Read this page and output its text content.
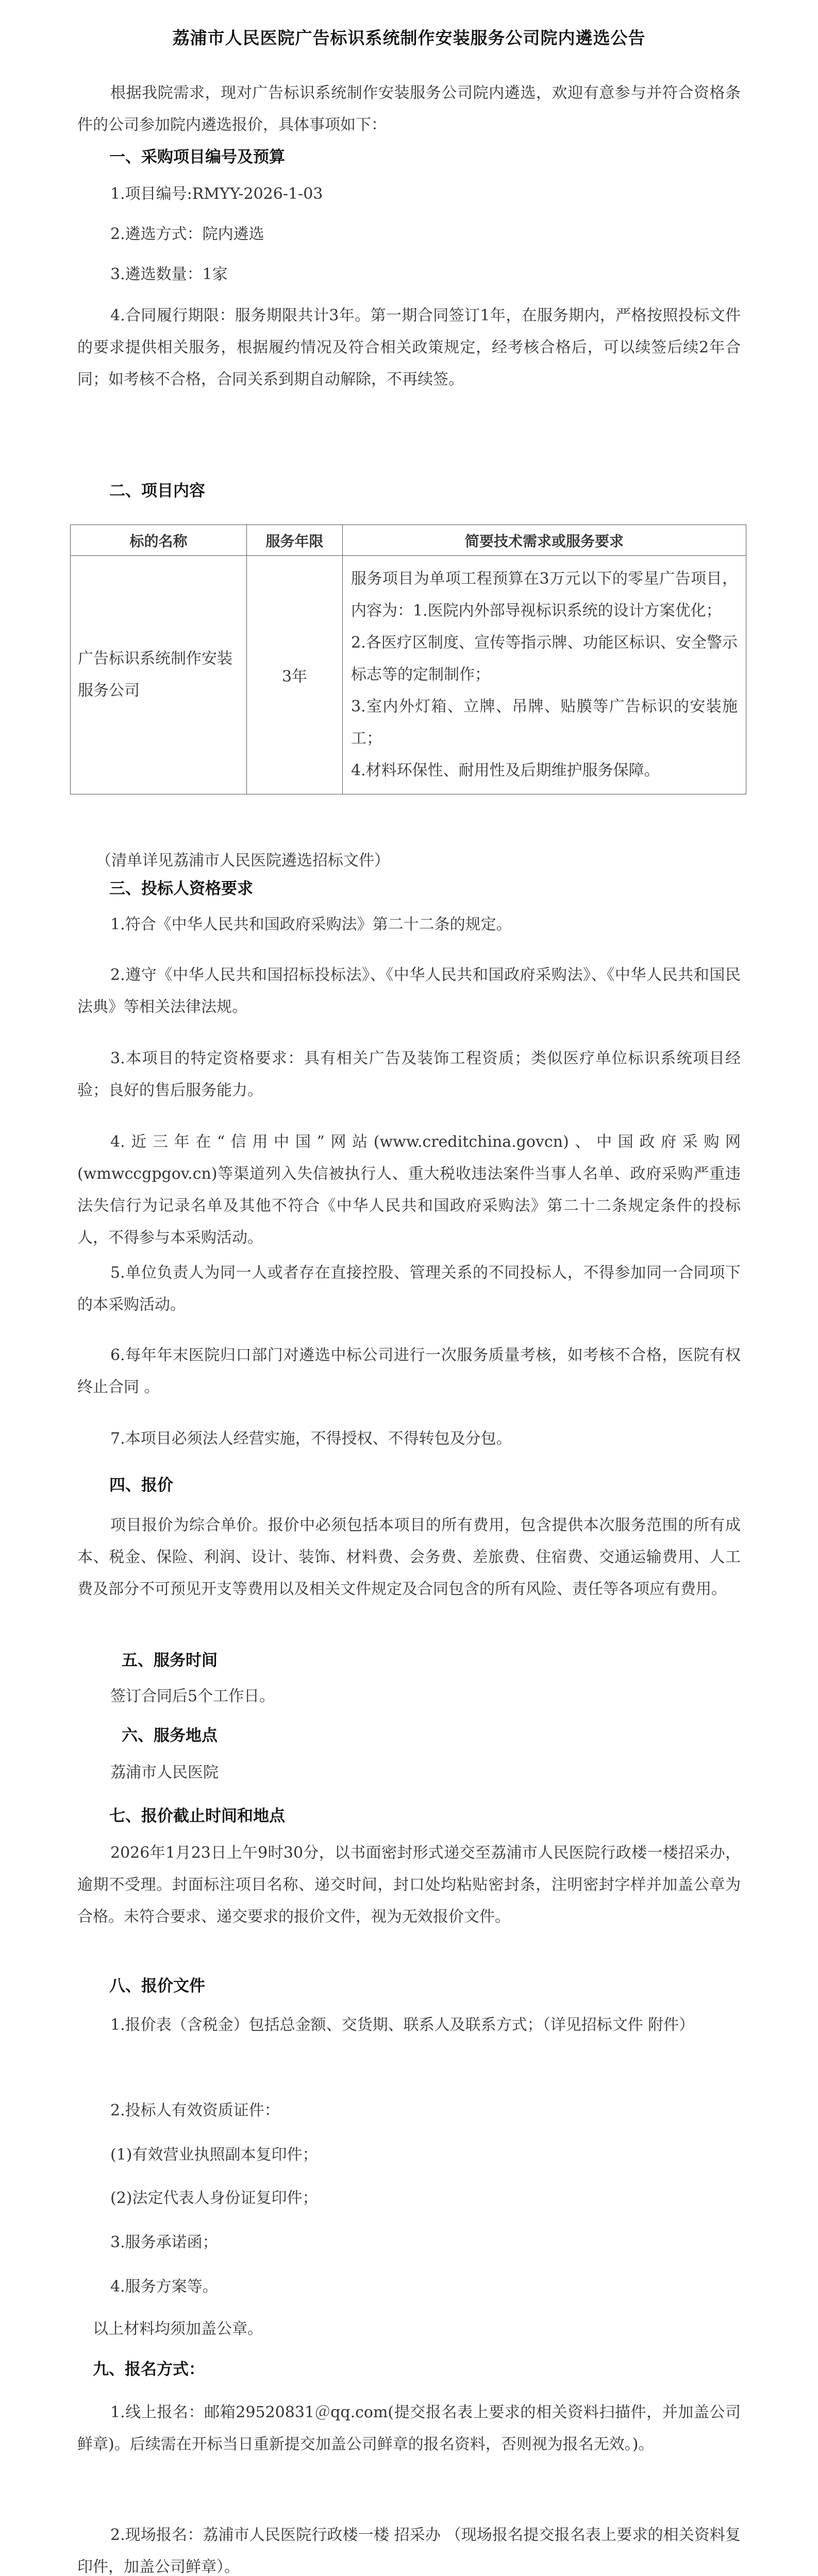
荔浦市人民医院广告标识系统制作安装服务公司院内遴选公告
根据我院需求，现对广告标识系统制作安装服务公司院内遴选，欢迎有意参与并符合资格条件的公司参加院内遴选报价，具体事项如下：
一、采购项目编号及预算
1.项目编号:RMYY-2026-1-03
2.遴选方式：院内遴选
3.遴选数量：1家
4.合同履行期限：服务期限共计3年。第一期合同签订1年，在服务期内，严格按照投标文件的要求提供相关服务，根据履约情况及符合相关政策规定，经考核合格后，可以续签后续2年合同；如考核不合格，合同关系到期自动解除，不再续签。
二、项目内容
标的名称	服务年限	简要技术需求或服务要求
广告标识系统制作安装服务公司	3年	服务项目为单项工程预算在3万元以下的零星广告项目，内容为：1.医院内外部导视标识系统的设计方案优化；
2.各医疗区制度、宣传等指示牌、功能区标识、安全警示标志等的定制制作；
3.室内外灯箱、立牌、吊牌、贴膜等广告标识的安装施工；
4.材料环保性、耐用性及后期维护服务保障。
（清单详见荔浦市人民医院遴选招标文件）
三、投标人资格要求
1.符合《中华人民共和国政府采购法》第二十二条的规定。
2.遵守《中华人民共和国招标投标法》、《中华人民共和国政府采购法》、《中华人民共和国民法典》等相关法律法规。
3.本项目的特定资格要求：具有相关广告及装饰工程资质；类似医疗单位标识系统项目经验；良好的售后服务能力。
4.近三年在“信用中国”网站(www.creditchina.govcn)、中国政府采购网(wmwccgpgov.cn)等渠道列入失信被执行人、重大税收违法案件当事人名单、政府采购严重违法失信行为记录名单及其他不符合《中华人民共和国政府采购法》第二十二条规定条件的投标人，不得参与本采购活动。
5.单位负责人为同一人或者存在直接控股、管理关系的不同投标人，不得参加同一合同项下的本采购活动。
6.每年年末医院归口部门对遴选中标公司进行一次服务质量考核，如考核不合格，医院有权终止合同 。
7.本项目必须法人经营实施，不得授权、不得转包及分包。
四、报价
项目报价为综合单价。报价中必须包括本项目的所有费用，包含提供本次服务范围的所有成本、税金、保险、利润、设计、装饰、材料费、会务费、差旅费、住宿费、交通运输费用、人工费及部分不可预见开支等费用以及相关文件规定及合同包含的所有风险、责任等各项应有费用。
五、服务时间
签订合同后5个工作日。
六、服务地点
荔浦市人民医院
七、报价截止时间和地点
2026年1月23日上午9时30分，以书面密封形式递交至荔浦市人民医院行政楼一楼招采办，逾期不受理。封面标注项目名称、递交时间，封口处均粘贴密封条，注明密封字样并加盖公章为合格。未符合要求、递交要求的报价文件，视为无效报价文件。
八、报价文件
1.报价表（含税金）包括总金额、交货期、联系人及联系方式；（详见招标文件 附件）
2.投标人有效资质证件：
(1)有效营业执照副本复印件；
(2)法定代表人身份证复印件；
3.服务承诺函；
4.服务方案等。
以上材料均须加盖公章。
九、报名方式：
1.线上报名：邮箱29520831＠qq.com(提交报名表上要求的相关资料扫描件，并加盖公司鲜章)。后续需在开标当日重新提交加盖公司鲜章的报名资料，否则视为报名无效。)。
2.现场报名：荔浦市人民医院行政楼一楼 招采办 （现场报名提交报名表上要求的相关资料复印件，加盖公司鲜章）。
